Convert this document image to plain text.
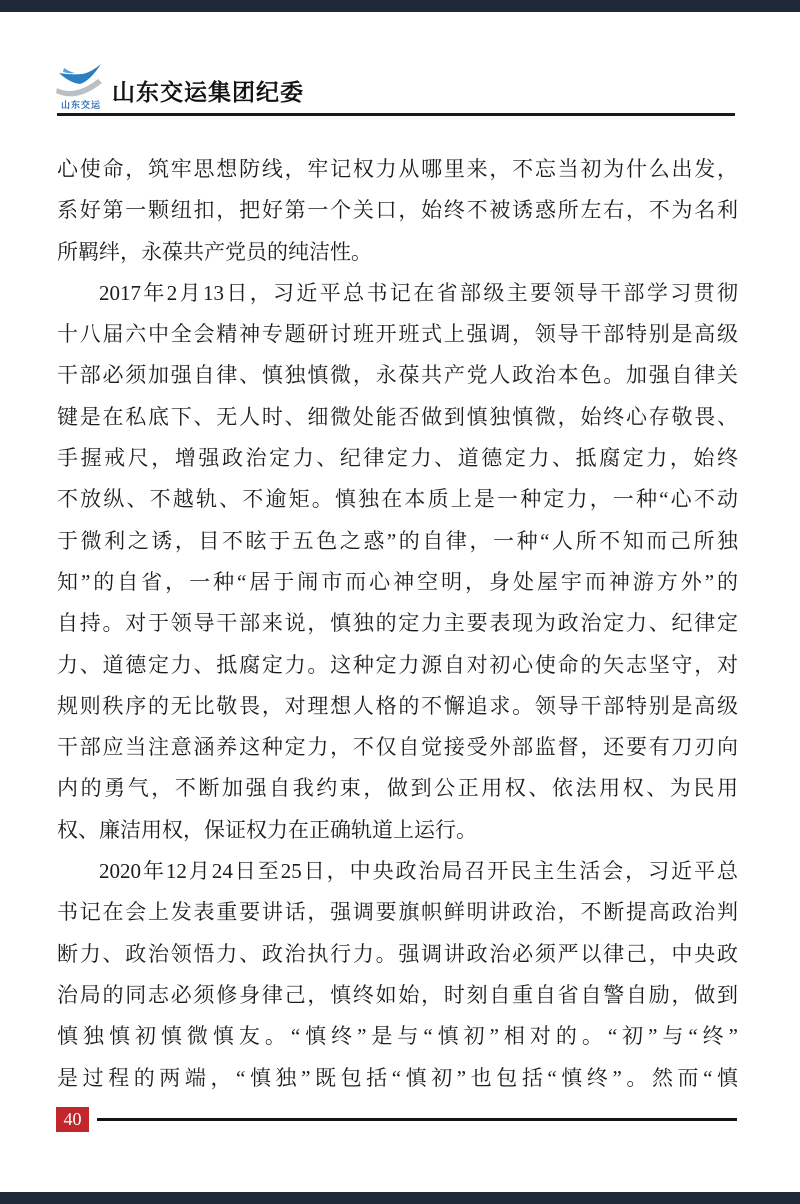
山东交运 山东交运集团纪委
心使命，筑牢思想防线，牢记权力从哪里来，不忘当初为什么出发，
系好第一颗纽扣，把好第一个关口，始终不被诱惑所左右，不为名利
所羁绊，永葆共产党员的纯洁性。
2017年2月13日，习近平总书记在省部级主要领导干部学习贯彻
十八届六中全会精神专题研讨班开班式上强调，领导干部特别是高级
干部必须加强自律、慎独慎微，永葆共产党人政治本色。加强自律关
键是在私底下、无人时、细微处能否做到慎独慎微，始终心存敬畏、
手握戒尺，增强政治定力、纪律定力、道德定力、抵腐定力，始终
不放纵、不越轨、不逾矩。慎独在本质上是一种定力，一种“心不动
于微利之诱，目不眩于五色之惑”的自律，一种“人所不知而己所独
知”的自省，一种“居于闹市而心神空明，身处屋宇而神游方外”的
自持。对于领导干部来说，慎独的定力主要表现为政治定力、纪律定
力、道德定力、抵腐定力。这种定力源自对初心使命的矢志坚守，对
规则秩序的无比敬畏，对理想人格的不懈追求。领导干部特别是高级
干部应当注意涵养这种定力，不仅自觉接受外部监督，还要有刀刃向
内的勇气，不断加强自我约束，做到公正用权、依法用权、为民用
权、廉洁用权，保证权力在正确轨道上运行。
2020年12月24日至25日，中央政治局召开民主生活会，习近平总
书记在会上发表重要讲话，强调要旗帜鲜明讲政治，不断提高政治判
断力、政治领悟力、政治执行力。强调讲政治必须严以律己，中央政
治局的同志必须修身律己，慎终如始，时刻自重自省自警自励，做到
慎独慎初慎微慎友。“慎终”是与“慎初”相对的。“初”与“终”
是过程的两端，“慎独”既包括“慎初”也包括“慎终”。然而“慎
40
